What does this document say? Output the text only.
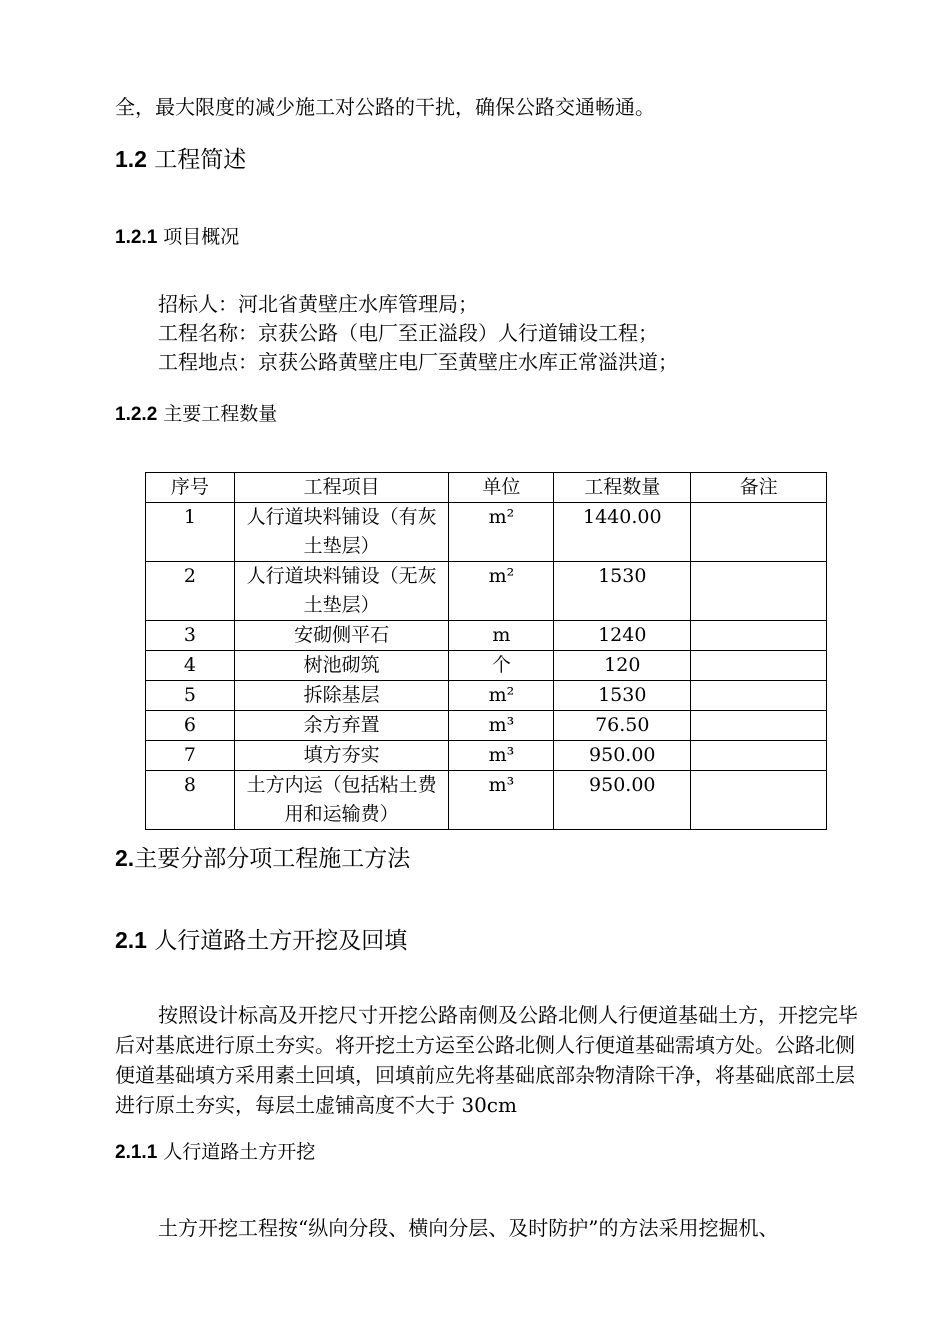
全，最大限度的减少施工对公路的干扰，确保公路交通畅通。
1.2 工程简述
1.2.1 项目概况
招标人：河北省黄壁庄水库管理局；
工程名称：京获公路（电厂至正溢段）人行道铺设工程；
工程地点：京获公路黄壁庄电厂至黄壁庄水库正常溢洪道；
1.2.2 主要工程数量
序号	工程项目	单位	工程数量	备注
1	人行道块料铺设（有灰土垫层）	m²	1440.00	
2	人行道块料铺设（无灰土垫层）	m²	1530	
3	安砌侧平石	m	1240	
4	树池砌筑	个	120	
5	拆除基层	m²	1530	
6	余方弃置	m³	76.50	
7	填方夯实	m³	950.00	
8	土方内运（包括粘土费用和运输费）	m³	950.00	
2.主要分部分项工程施工方法
2.1 人行道路土方开挖及回填
按照设计标高及开挖尺寸开挖公路南侧及公路北侧人行便道基础土方，开挖完毕后对基底进行原土夯实。将开挖土方运至公路北侧人行便道基础需填方处。公路北侧便道基础填方采用素土回填，回填前应先将基础底部杂物清除干净，将基础底部土层进行原土夯实，每层土虚铺高度不大于 30cm
2.1.1 人行道路土方开挖
土方开挖工程按“纵向分段、横向分层、及时防护”的方法采用挖掘机、
